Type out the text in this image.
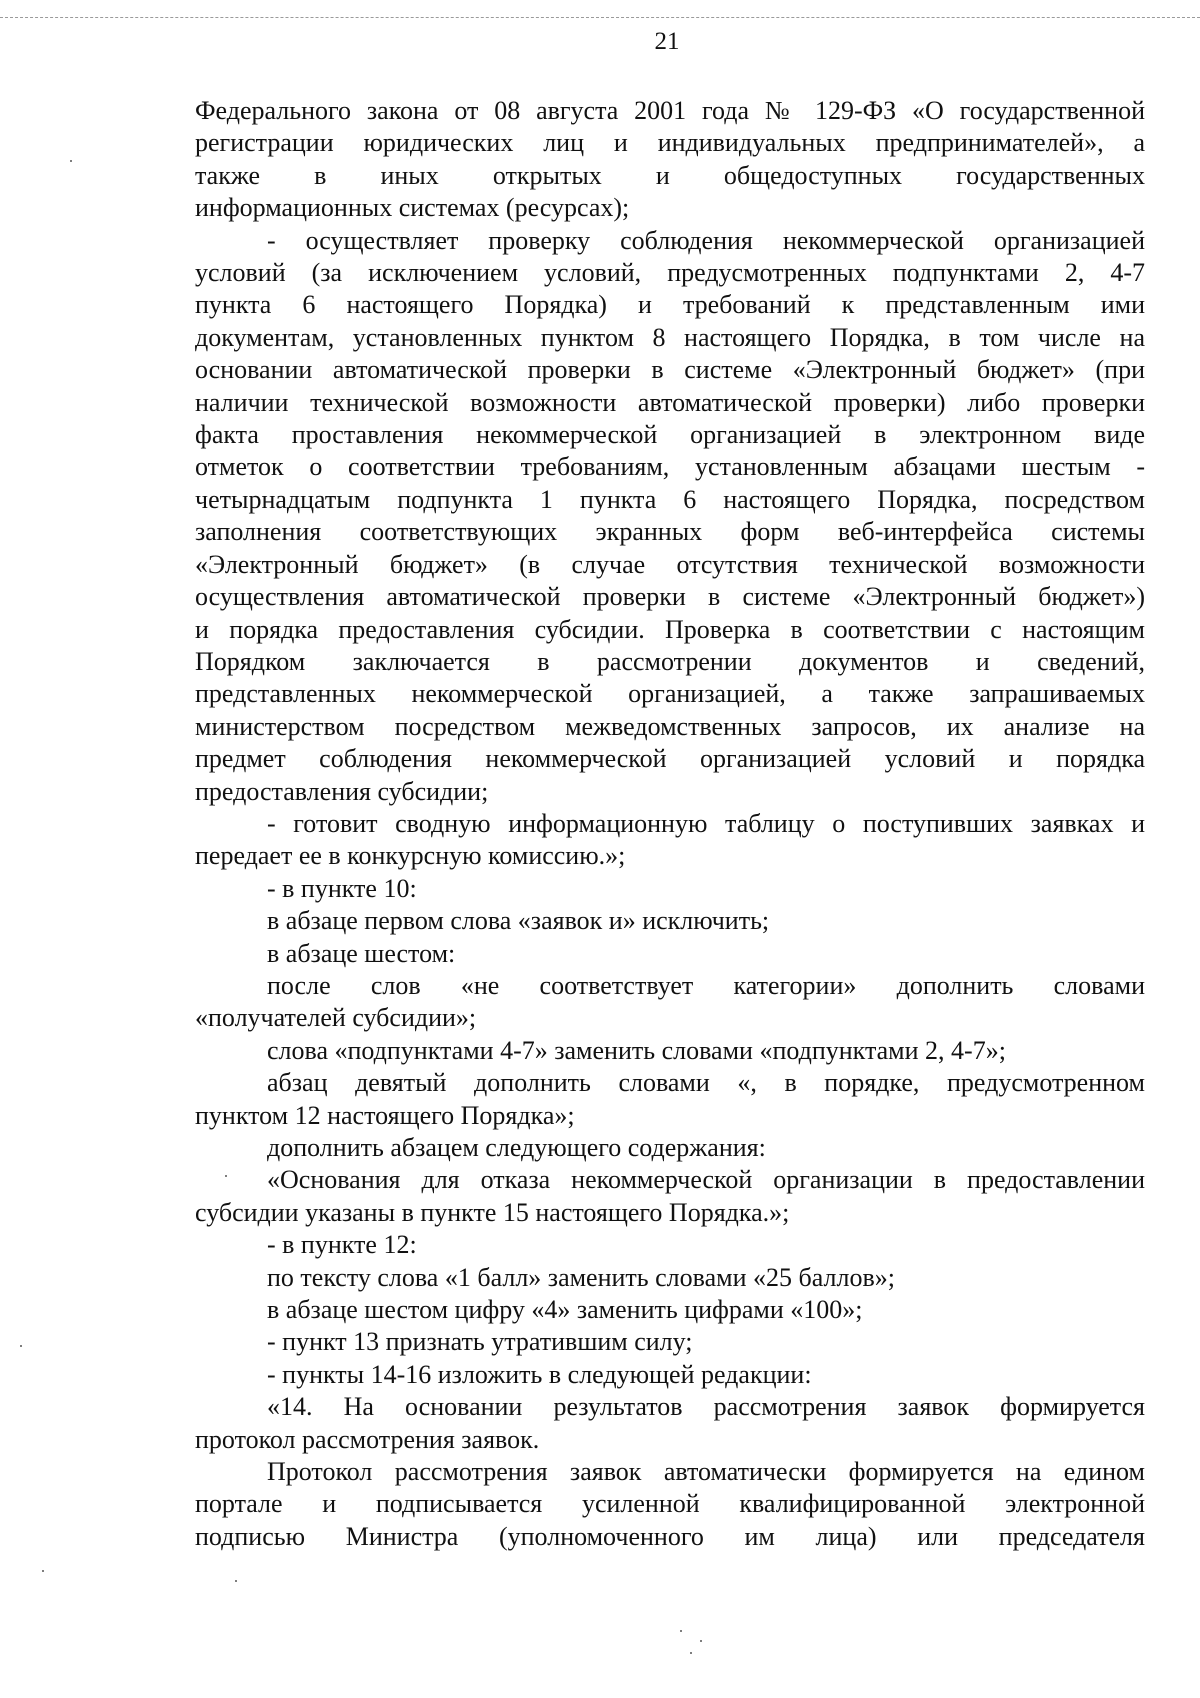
21

Федерального закона от 08 августа 2001 года № 129-ФЗ «О государственной

регистрации юридических лиц и индивидуальных предпринимателей», а

также в иных открытых и общедоступных государственных

информационных системах (ресурсах);

- осуществляет проверку соблюдения некоммерческой организацией

условий (за исключением условий, предусмотренных подпунктами 2, 4-7

пункта 6 настоящего Порядка) и требований к представленным ими

документам, установленных пунктом 8 настоящего Порядка, в том числе на

основании автоматической проверки в системе «Электронный бюджет» (при

наличии технической возможности автоматической проверки) либо проверки

факта проставления некоммерческой организацией в электронном виде

отметок о соответствии требованиям, установленным абзацами шестым -

четырнадцатым подпункта 1 пункта 6 настоящего Порядка, посредством

заполнения соответствующих экранных форм веб-интерфейса системы

«Электронный бюджет» (в случае отсутствия технической возможности

осуществления автоматической проверки в системе «Электронный бюджет»)

и порядка предоставления субсидии. Проверка в соответствии с настоящим

Порядком заключается в рассмотрении документов и сведений,

представленных некоммерческой организацией, а также запрашиваемых

министерством посредством межведомственных запросов, их анализе на

предмет соблюдения некоммерческой организацией условий и порядка

предоставления субсидии;

- готовит сводную информационную таблицу о поступивших заявках и

передает ее в конкурсную комиссию.»;

- в пункте 10:

в абзаце первом слова «заявок и» исключить;

в абзаце шестом:

после слов «не соответствует категории» дополнить словами

«получателей субсидии»;

слова «подпунктами 4-7» заменить словами «подпунктами 2, 4-7»;

абзац девятый дополнить словами «, в порядке, предусмотренном

пунктом 12 настоящего Порядка»;

дополнить абзацем следующего содержания:

«Основания для отказа некоммерческой организации в предоставлении

субсидии указаны в пункте 15 настоящего Порядка.»;

- в пункте 12:

по тексту слова «1 балл» заменить словами «25 баллов»;

в абзаце шестом цифру «4» заменить цифрами «100»;

- пункт 13 признать утратившим силу;

- пункты 14-16 изложить в следующей редакции:

«14. На основании результатов рассмотрения заявок формируется

протокол рассмотрения заявок.

Протокол рассмотрения заявок автоматически формируется на едином

портале и подписывается усиленной квалифицированной электронной

подписью Министра (уполномоченного им лица) или председателя
